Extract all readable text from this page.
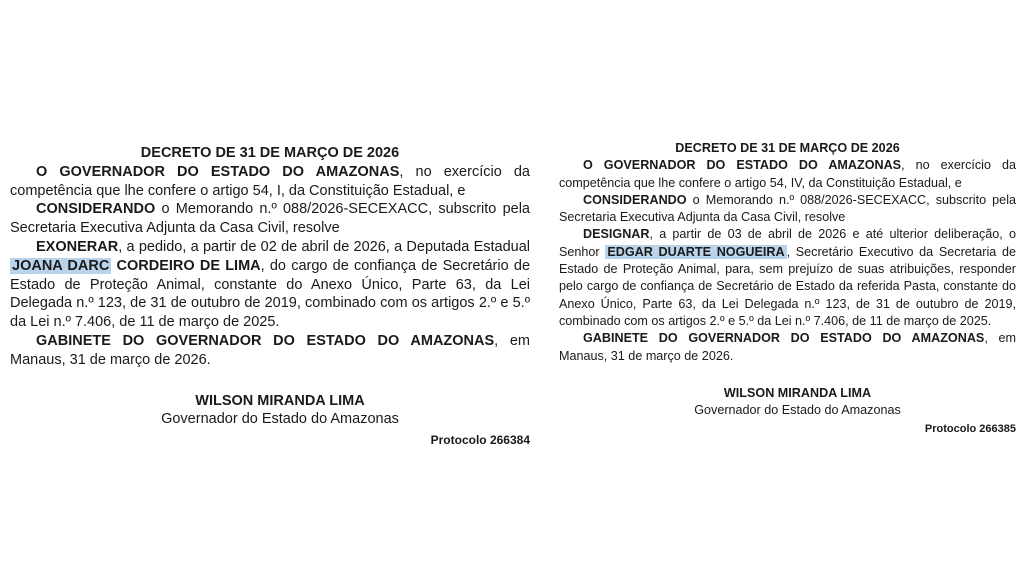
DECRETO DE 31 DE MARÇO DE 2026

O GOVERNADOR DO ESTADO DO AMAZONAS, no exercício da competência que lhe confere o artigo 54, I, da Constituição Estadual, e

CONSIDERANDO o Memorando n.º 088/2026-SECEXACC, subscrito pela Secretaria Executiva Adjunta da Casa Civil, resolve

EXONERAR, a pedido, a partir de 02 de abril de 2026, a Deputada Estadual JOANA DARC CORDEIRO DE LIMA, do cargo de confiança de Secretário de Estado de Proteção Animal, constante do Anexo Único, Parte 63, da Lei Delegada n.º 123, de 31 de outubro de 2019, combinado com os artigos 2.º e 5.º da Lei n.º 7.406, de 11 de março de 2025.

GABINETE DO GOVERNADOR DO ESTADO DO AMAZONAS, em Manaus, 31 de março de 2026.

WILSON MIRANDA LIMA
Governador do Estado do Amazonas
Protocolo 266384
DECRETO DE 31 DE MARÇO DE 2026

O GOVERNADOR DO ESTADO DO AMAZONAS, no exercício da competência que lhe confere o artigo 54, IV, da Constituição Estadual, e

CONSIDERANDO o Memorando n.º 088/2026-SECEXACC, subscrito pela Secretaria Executiva Adjunta da Casa Civil, resolve

DESIGNAR, a partir de 03 de abril de 2026 e até ulterior deliberação, o Senhor EDGAR DUARTE NOGUEIRA , Secretário Executivo da Secretaria de Estado de Proteção Animal, para, sem prejuízo de suas atribuições, responder pelo cargo de confiança de Secretário de Estado da referida Pasta, constante do Anexo Único, Parte 63, da Lei Delegada n.º 123, de 31 de outubro de 2019, combinado com os artigos 2.º e 5.º da Lei n.º 7.406, de 11 de março de 2025.

GABINETE DO GOVERNADOR DO ESTADO DO AMAZONAS, em Manaus, 31 de março de 2026.

WILSON MIRANDA LIMA
Governador do Estado do Amazonas
Protocolo 266385
